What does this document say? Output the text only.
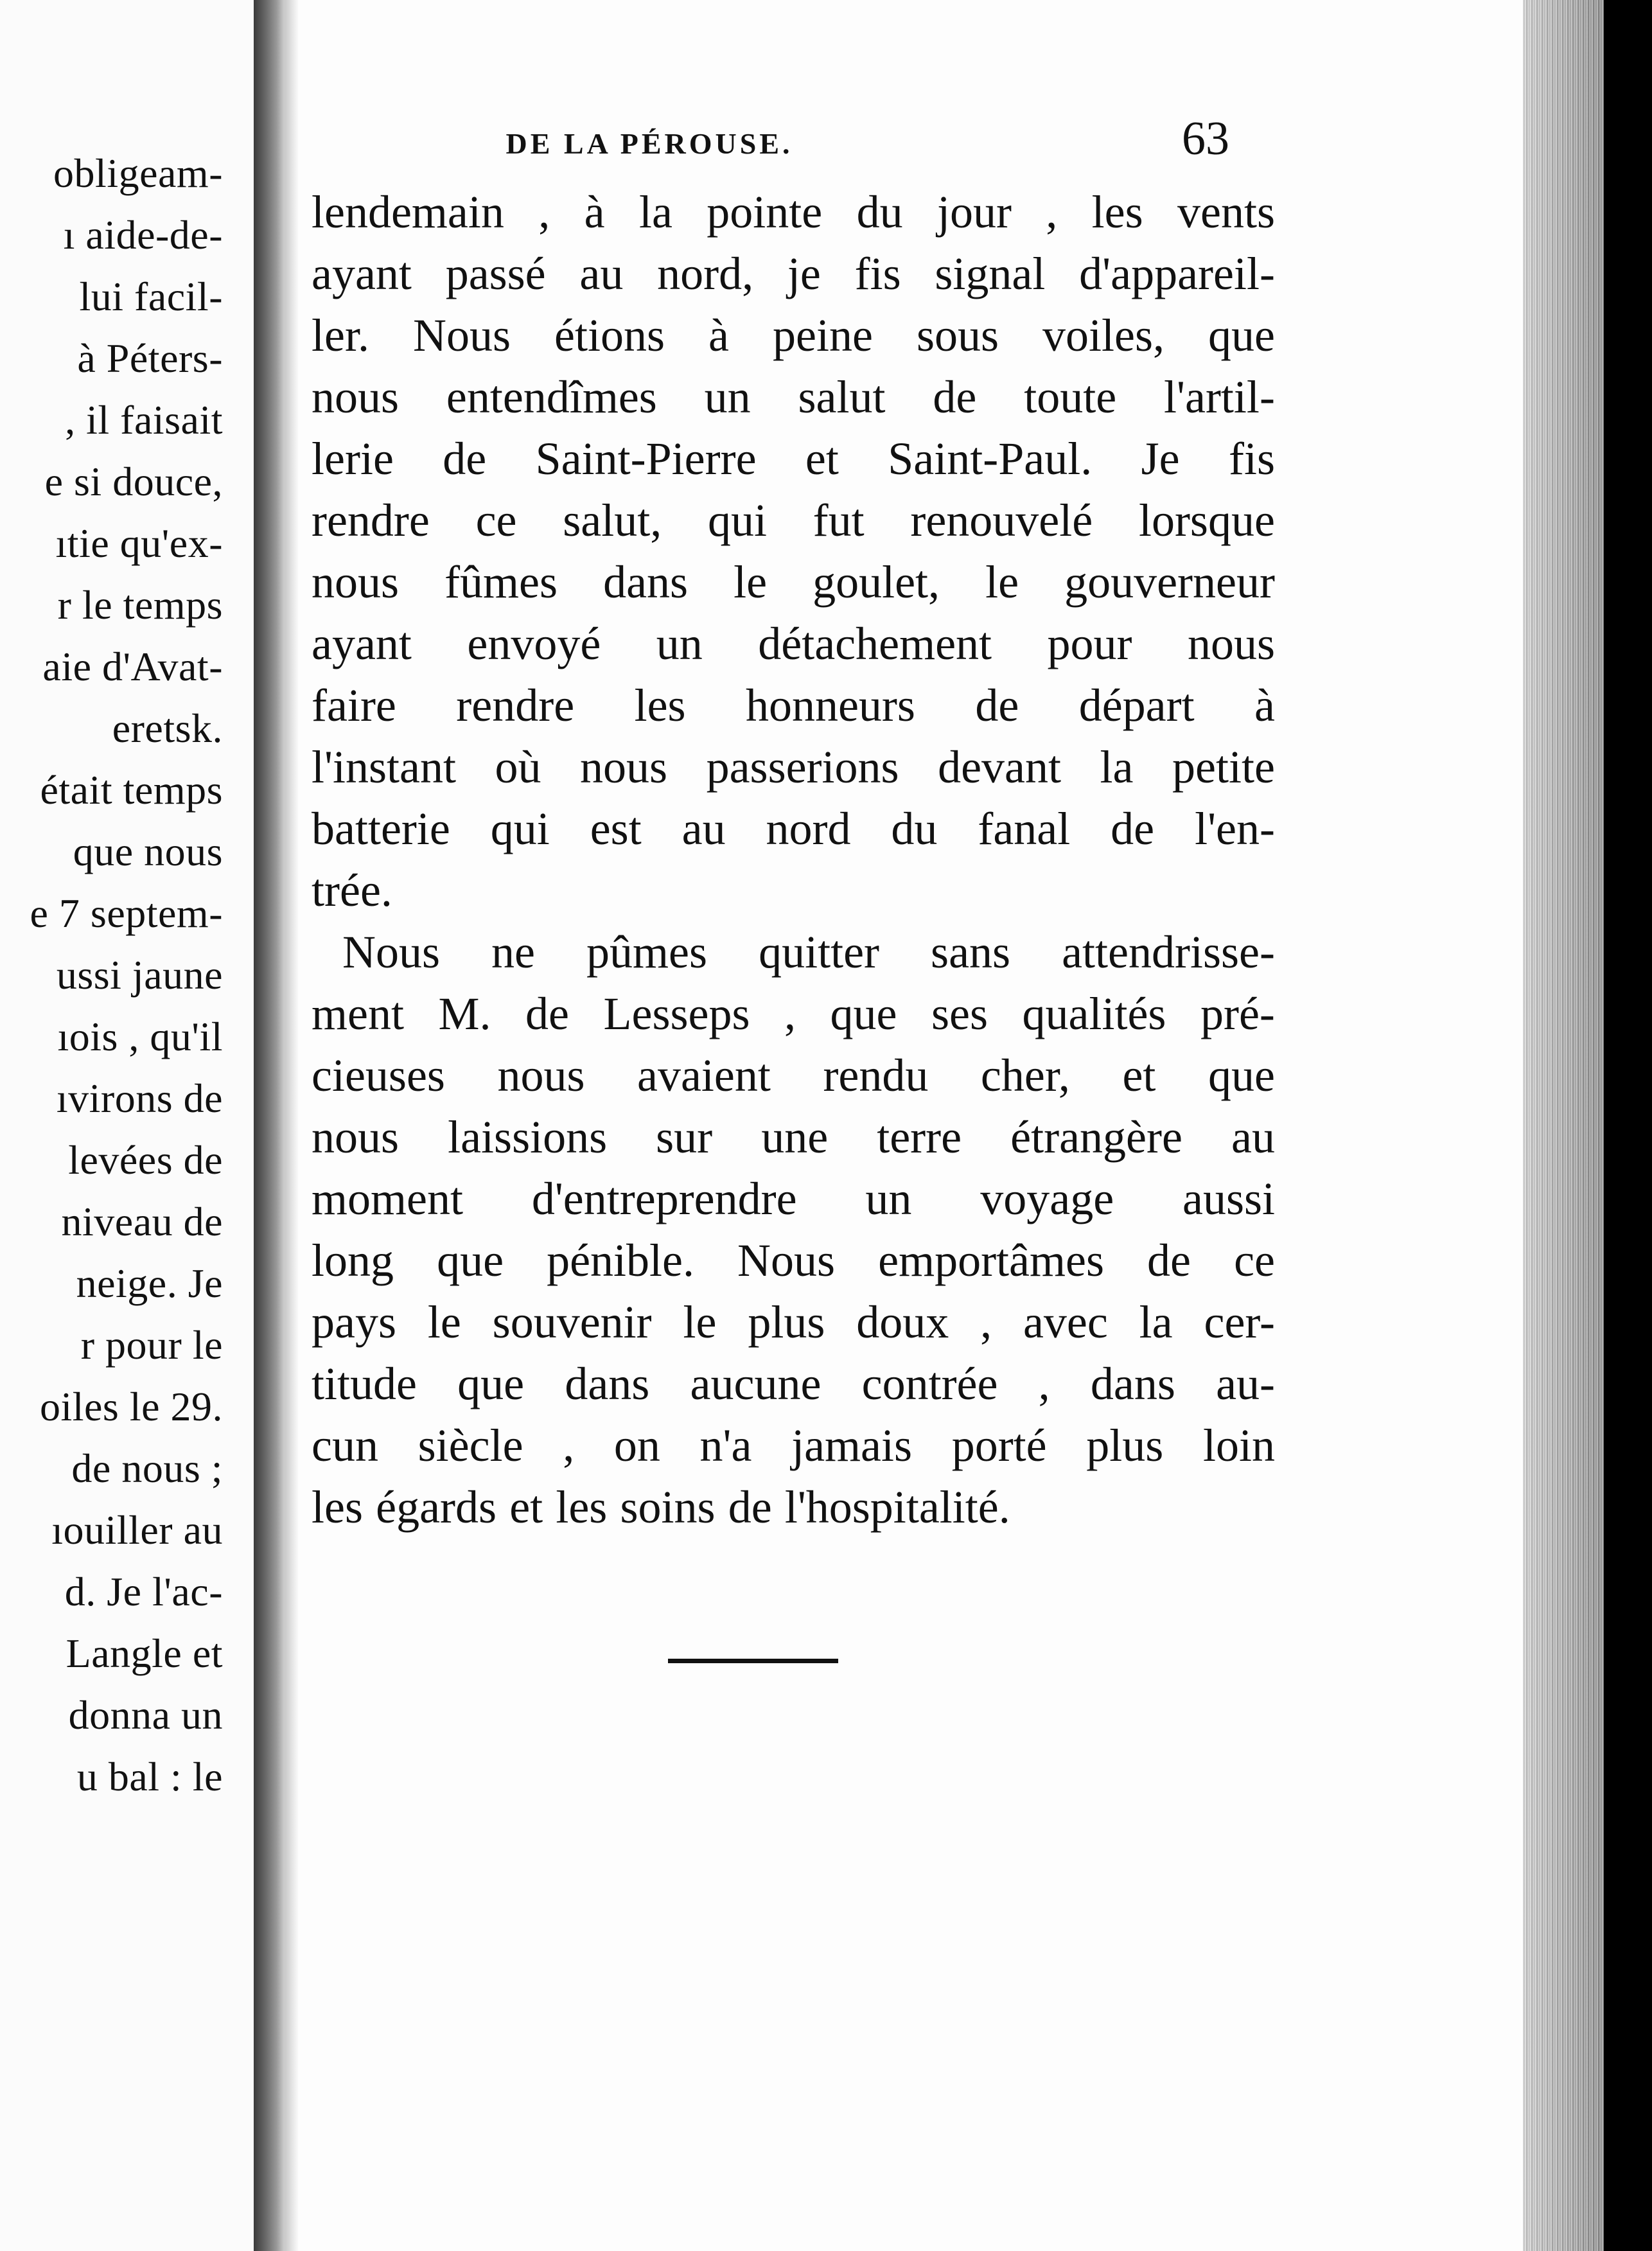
obligeam-
ı aide-de-
lui facil-
à Péters-
, il faisait
e si douce,
ıtie qu'ex-
r le temps
aie d'Avat-
eretsk.
était temps
que nous
e 7 septem-
ussi jaune
ıois , qu'il
ıvirons de
levées de
niveau de
neige. Je
r pour le
oiles le 29.
de nous ;
ıouiller au
d. Je l'ac-
Langle et
donna un
u bal : le
DE LA PÉROUSE.	63
lendemain , à la pointe du jour , les vents
ayant passé au nord, je fis signal d'appareil-
ler. Nous étions à peine sous voiles, que
nous entendîmes un salut de toute l'artil-
lerie de Saint-Pierre et Saint-Paul. Je fis
rendre ce salut, qui fut renouvelé lorsque
nous fûmes dans le goulet, le gouverneur
ayant envoyé un détachement pour nous
faire rendre les honneurs de départ à
l'instant où nous passerions devant la petite
batterie qui est au nord du fanal de l'en-
trée.
Nous ne pûmes quitter sans attendrisse-
ment M. de Lesseps , que ses qualités pré-
cieuses nous avaient rendu cher, et que
nous laissions sur une terre étrangère au
moment d'entreprendre un voyage aussi
long que pénible. Nous emportâmes de ce
pays le souvenir le plus doux , avec la cer-
titude que dans aucune contrée , dans au-
cun siècle , on n'a jamais porté plus loin
les égards et les soins de l'hospitalité.
